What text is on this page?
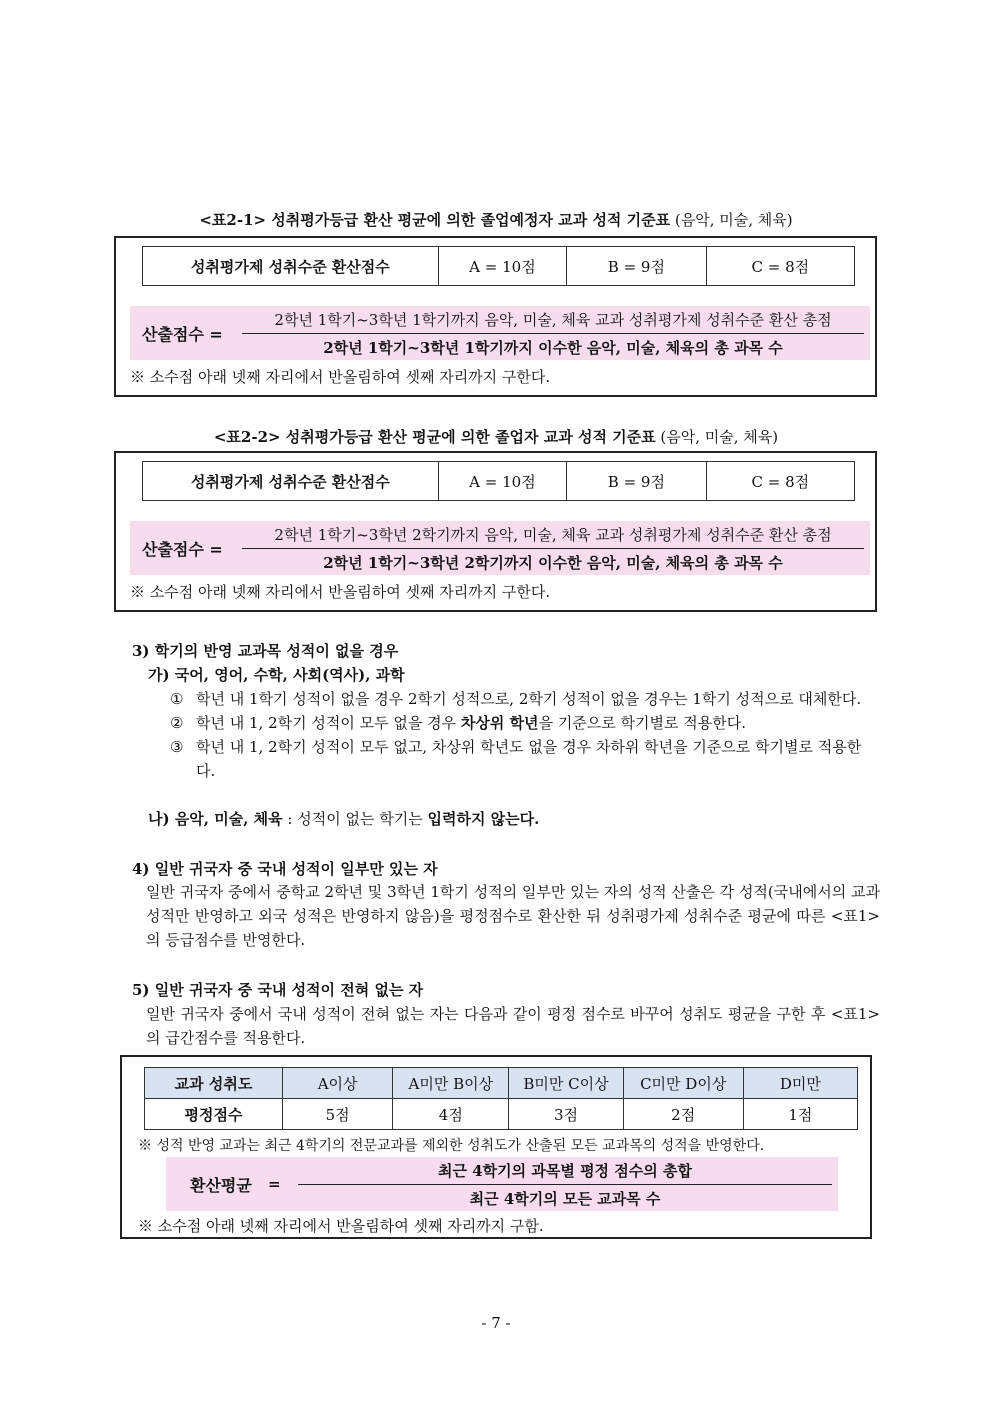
<표2-1> 성취평가등급 환산 평균에 의한 졸업예정자 교과 성적 기준표 (음악, 미술, 체육)
성취평가제 성취수준 환산점수	A = 10점	B = 9점	C = 8점
산출점수 =	$\frac{\text{2학년 1학기\textasciitilde{}3학년 1학기까지 음악, 미술, 체육 교과 성취평가제 성취수준 환산 총점}}{\text{2학년 1학기\textasciitilde{}3학년 1학기까지 이수한 음악, 미술, 체육의 총 과목 수}}$
※ 소수점 아래 넷째 자리에서 반올림하여 셋째 자리까지 구한다.
<표2-2> 성취평가등급 환산 평균에 의한 졸업자 교과 성적 기준표 (음악, 미술, 체육)
성취평가제 성취수준 환산점수	A = 10점	B = 9점	C = 8점
산출점수 =	$\frac{\text{2학년 1학기\textasciitilde{}3학년 2학기까지 음악, 미술, 체육 교과 성취평가제 성취수준 환산 총점}}{\text{2학년 1학기\textasciitilde{}3학년 2학기까지 이수한 음악, 미술, 체육의 총 과목 수}}$
※ 소수점 아래 넷째 자리에서 반올림하여 셋째 자리까지 구한다.
3) 학기의 반영 교과목 성적이 없을 경우
가) 국어, 영어, 수학, 사회(역사), 과학
① 학년 내 1학기 성적이 없을 경우 2학기 성적으로, 2학기 성적이 없을 경우는 1학기 성적으로 대체한다.
② 학년 내 1, 2학기 성적이 모두 없을 경우 차상위 학년을 기준으로 학기별로 적용한다.
③ 학년 내 1, 2학기 성적이 모두 없고, 차상위 학년도 없을 경우 차하위 학년을 기준으로 학기별로 적용한다.
나) 음악, 미술, 체육 : 성적이 없는 학기는 입력하지 않는다.
4) 일반 귀국자 중 국내 성적이 일부만 있는 자
일반 귀국자 중에서 중학교 2학년 및 3학년 1학기 성적의 일부만 있는 자의 성적 산출은 각 성적(국내에서의 교과 성적만 반영하고 외국 성적은 반영하지 않음)을 평정점수로 환산한 뒤 성취평가제 성취수준 평균에 따른 <표1>의 등급점수를 반영한다.
5) 일반 귀국자 중 국내 성적이 전혀 없는 자
일반 귀국자 중에서 국내 성적이 전혀 없는 자는 다음과 같이 평정 점수로 바꾸어 성취도 평균을 구한 후 <표1>의 급간점수를 적용한다.
교과 성취도	A이상	A미만 B이상	B미만 C이상	C미만 D이상	D미만
평정점수	5점	4점	3점	2점	1점
※ 성적 반영 교과는 최근 4학기의 전문교과를 제외한 성취도가 산출된 모든 교과목의 성적을 반영한다.
환산평균	=	$\frac{\text{최근 4학기의 과목별 평정 점수의 총합}}{\text{최근 4학기의 모든 교과목 수}}$
※ 소수점 아래 넷째 자리에서 반올림하여 셋째 자리까지 구함.
- 7 -
